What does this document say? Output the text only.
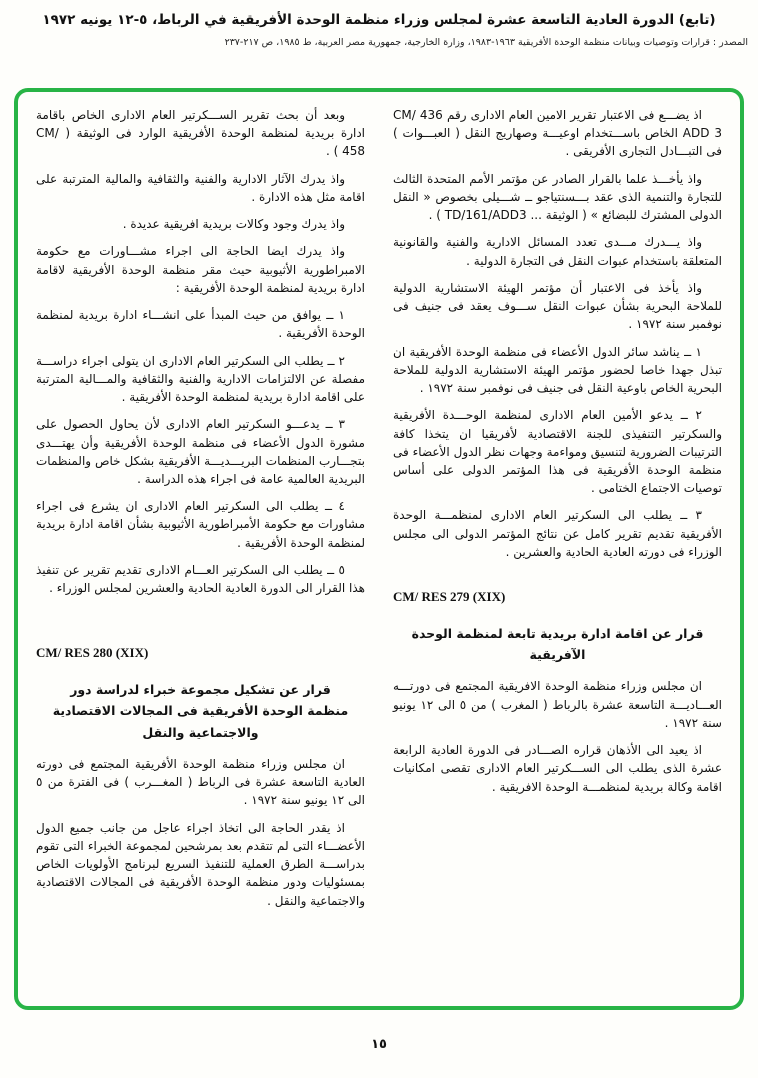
(تابع) الدورة العادية التاسعة عشرة لمجلس وزراء منظمة الوحدة الأفريقية في الرباط، ٥-١٢ يونيه ١٩٧٢
المصدر : قرارات وتوصيات وبيانات منظمة الوحدة الأفريقية ١٩٦٣-١٩٨٣، وزارة الخارجية، جمهورية مصر العربية، ط ١٩٨٥، ص ٢١٧-٢٣٧

اذ يضـــع فى الاعتبار تقرير الامين العام الادارى رقم CM/ 436 ADD 3 الخاص باســـتخدام اوعيـــة وصهاريج النقل ( العبـــوات ) فى التبـــادل التجارى الأفريقى .

واذ يأخـــذ علما بالقرار الصادر عن مؤتمر الأمم المتحدة الثالث للتجارة والتنمية الذى عقد بـــسنتياجو ــ شـــيلى بخصوص « النقل الدولى المشترك للبضائع » ( الوثيقة ... TD/161/ADD3 ) .

واذ يـــدرك مـــدى تعدد المسائل الادارية والفنية والقانونية المتعلقة باستخدام عبوات النقل فى التجارة الدولية .

واذ يأخذ فى الاعتبار أن مؤتمر الهيئة الاستشارية الدولية للملاحة البحرية بشأن عبوات النقل ســـوف يعقد فى جنيف فى نوفمبر سنة ١٩٧٢ .

١ ــ يناشد سائر الدول الأعضاء فى منظمة الوحدة الأفريقية ان تبذل جهدا خاصا لحضور مؤتمر الهيئة الاستشارية الدولية للملاحة البحرية الخاص باوعية النقل فى جنيف فى نوفمبر سنة ١٩٧٢ .

٢ ــ يدعو الأمين العام الادارى لمنظمة الوحـــدة الأفريقية والسكرتير التنفيذى للجنة الاقتصادية لأفريقيا ان يتخذا كافة الترتيبات الضرورية لتنسيق ومواءمة وجهات نظر الدول الأعضاء فى منظمة الوحدة الأفريقية فى هذا المؤتمر الدولى على أساس توصيات الاجتماع الختامى .

٣ ــ يطلب الى السكرتير العام الادارى لمنظمـــة الوحدة الأفريقية تقديم تقرير كامل عن نتائج المؤتمر الدولى الى مجلس الوزراء فى دورته العادية الحادية والعشرين .

CM/ RES 279 (XIX)
قرار عن اقامة ادارة بريدية تابعة لمنظمة الوحدة الآفريقية

ان مجلس وزراء منظمة الوحدة الافريقية المجتمع فى دورتـــه العـــاديـــة التاسعة عشرة بالرباط ( المغرب ) من ٥ الى ١٢ يونيو سنة ١٩٧٢ .

اذ يعيد الى الأذهان قراره الصـــادر فى الدورة العادية الرابعة عشرة الذى يطلب الى الســـكرتير العام الادارى تقصى امكانيات اقامة وكالة بريدية لمنظمـــة الوحدة الافريقية .

وبعد أن بحث تقرير الســـكرتير العام الادارى الخاص باقامة ادارة بريدية لمنظمة الوحدة الأفريقية الوارد فى الوثيقة ( CM/ 458 ) .

واذ يدرك الآثار الادارية والفنية والثقافية والمالية المترتبة على اقامة مثل هذه الادارة .

واذ يدرك وجود وكالات بريدية افريقية عديدة .

واذ يدرك ايضا الحاجة الى اجراء مشـــاورات مع حكومة الامبراطورية الأثيوبية حيث مقر منظمة الوحدة الأفريقية لاقامة ادارة بريدية لمنظمة الوحدة الأفريقية :

١ ــ يوافق من حيث المبدأ على انشـــاء ادارة بريدية لمنظمة الوحدة الأفريقية .

٢ ــ يطلب الى السكرتير العام الادارى ان يتولى اجراء دراســـة مفصلة عن الالتزامات الادارية والفنية والثقافية والمـــالية المترتبة على اقامة ادارة بريدية لمنظمة الوحدة الأفريقية .

٣ ــ يدعـــو السكرتير العام الادارى لأن يحاول الحصول على مشورة الدول الأعضاء فى منظمة الوحدة الأفريقية وأن يهتـــدى بتجـــارب المنظمات البريـــديـــة الأفريقية بشكل خاص والمنظمات البريدية العالمية عامة فى اجراء هذه الدراسة .

٤ ــ يطلب الى السكرتير العام الادارى ان يشرع فى اجراء مشاورات مع حكومة الأمبراطورية الأثيوبية بشأن اقامة ادارة بريدية لمنظمة الوحدة الأفريقية .

٥ ــ يطلب الى السكرتير العـــام الادارى تقديم تقرير عن تنفيذ هذا القرار الى الدورة العادية الحادية والعشرين لمجلس الوزراء .

CM/ RES 280 (XIX)
قرار عن تشكيل مجموعة خبراء لدراسة دور منظمة الوحدة الأفريقية فى المجالات الاقتصادية والاجتماعية والنقل

ان مجلس وزراء منظمة الوحدة الأفريقية المجتمع فى دورته العادية التاسعة عشرة فى الرباط ( المغـــرب ) فى الفترة من ٥ الى ١٢ يونيو سنة ١٩٧٢ .

اذ يقدر الحاجة الى اتخاذ اجراء عاجل من جانب جميع الدول الأعضـــاء التى لم تتقدم بعد بمرشحين لمجموعة الخبراء التى تقوم بدراســـة الطرق العملية للتنفيذ السريع لبرنامج الأولويات الخاص بمسئوليات ودور منظمة الوحدة الأفريقية فى المجالات الاقتصادية والاجتماعية والنقل .

١٥
